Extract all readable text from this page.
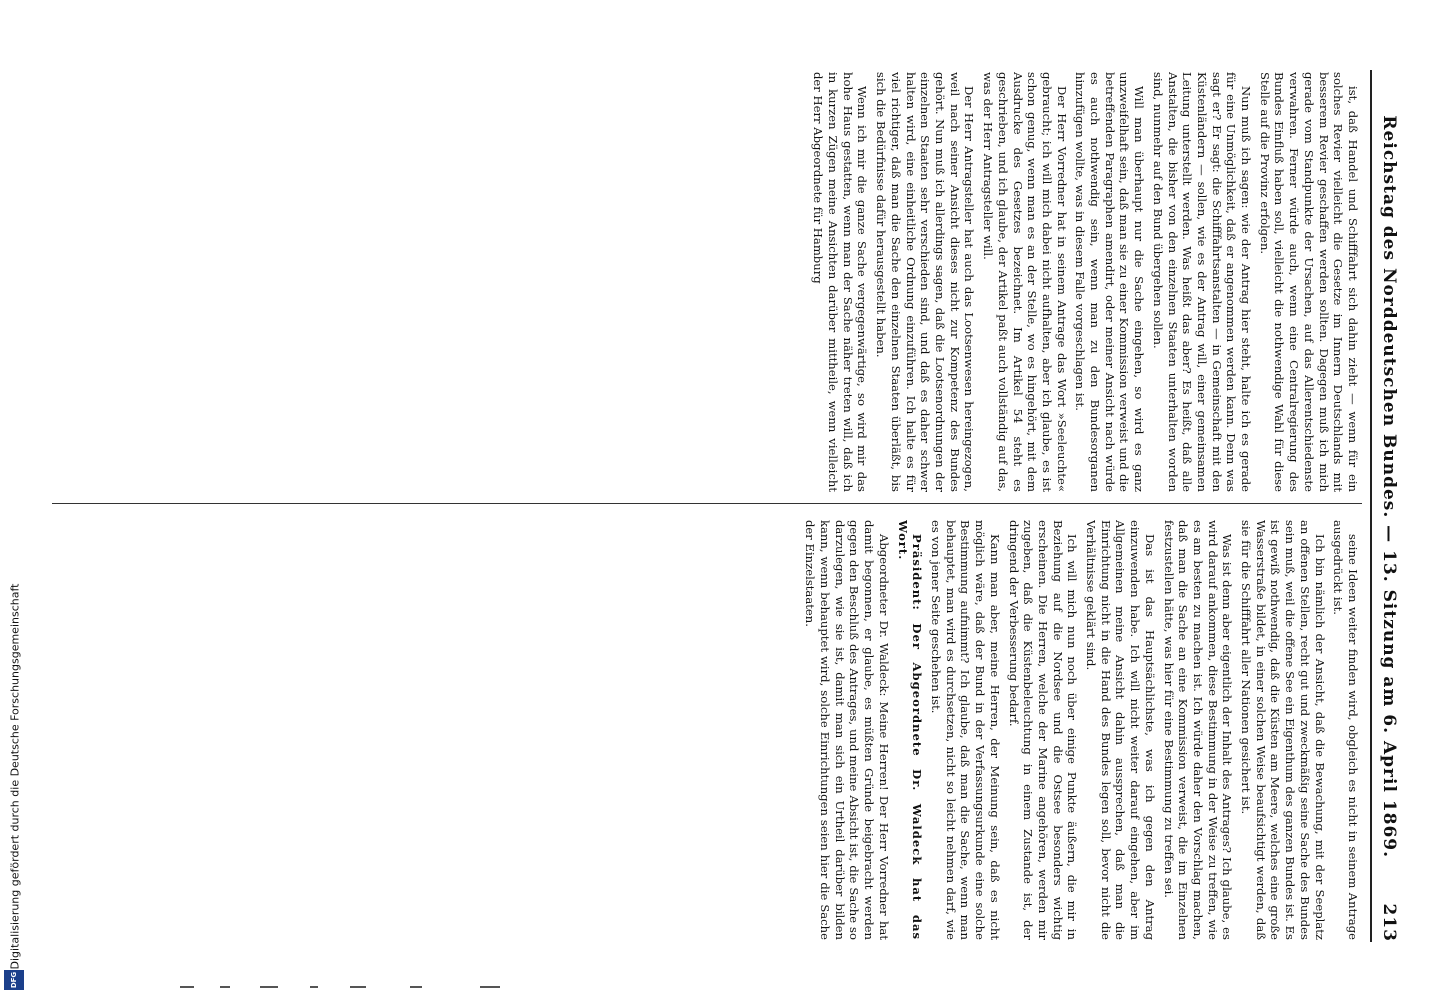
Reichstag des Norddeutschen Bundes. — 13. Sitzung am 6. April 1869.
213

ist, daß Handel und Schifffahrt sich dahin zieht — wenn für ein solches Revier vielleicht die Gesetze im Innern Deutschlands mit besserem Revier geschaffen werden sollten. Dagegen muß ich mich gerade vom Standpunkte der Ursachen, auf das Allerentschiedenste verwahren. Ferner würde auch, wenn eine Centralregierung des Bundes Einfluß haben soll, vielleicht die nothwendige Wahl für diese Stelle auf die Provinz erfolgen.

Nun muß ich sagen: wie der Antrag hier steht, halte ich es gerade für eine Unmöglichkeit, daß er angenommen werden kann. Denn was sagt er? Er sagt: die Schifffahrtsanstalten — in Gemeinschaft mit den Küstenländern — sollen, wie es der Antrag will, einer gemeinsamen Leitung unterstellt werden. Was heißt das aber? Es heißt, daß alle Anstalten, die bisher von den einzelnen Staaten unterhalten worden sind, nunmehr auf den Bund übergehen sollen.

Will man überhaupt nur die Sache eingehen, so wird es ganz unzweifelhaft sein, daß man sie zu einer Kommission verweist und die betreffenden Paragraphen amendirt, oder meiner Ansicht nach würde es auch nothwendig sein, wenn man zu den Bundesorganen hinzufügen wollte, was in diesem Falle vorgeschlagen ist.

Der Herr Vorredner hat in seinem Antrage das Wort »Seeleuchte« gebraucht; ich will mich dabei nicht aufhalten, aber ich glaube, es ist schon genug, wenn man es an der Stelle, wo es hingehört, mit dem Ausdrucke des Gesetzes bezeichnet. Im Artikel 54 steht es geschrieben, und ich glaube, der Artikel paßt auch vollständig auf das, was der Herr Antragsteller will.

Der Herr Antragsteller hat auch das Lootsenwesen hereingezogen, weil nach seiner Ansicht dieses nicht zur Kompetenz des Bundes gehört. Nun muß ich allerdings sagen, daß die Lootsenordnungen der einzelnen Staaten sehr verschieden sind, und daß es daher schwer halten wird, eine einheitliche Ordnung einzuführen. Ich halte es für viel richtiger, daß man die Sache den einzelnen Staaten überläßt, bis sich die Bedürfnisse dafür herausgestellt haben.

Wenn ich mir die ganze Sache vergegenwärtige, so wird mir das hohe Haus gestatten, wenn man der Sache näher treten will, daß ich in kurzen Zügen meine Ansichten darüber mittheile, wenn vielleicht der Herr Abgeordnete für Hamburg

seine Ideen weiter finden wird, obgleich es nicht in seinem Antrage ausgedrückt ist.

Ich bin nämlich der Ansicht, daß die Bewachung, mit der Seeplatz an offenen Stellen, recht gut und zweckmäßig seine Sache des Bundes sein muß, weil die offene See ein Eigenthum des ganzen Bundes ist. Es ist gewiß nothwendig, daß die Küsten am Meere, welches eine große Wasserstraße bildet, in einer solchen Weise beaufsichtigt werden, daß sie für die Schifffahrt aller Nationen gesichert ist.

Was ist denn aber eigentlich der Inhalt des Antrages? Ich glaube, es wird darauf ankommen, diese Bestimmung in der Weise zu treffen, wie es am besten zu machen ist. Ich würde daher den Vorschlag machen, daß man die Sache an eine Kommission verweist, die im Einzelnen festzustellen hätte, was hier für eine Bestimmung zu treffen sei.

Das ist das Hauptsächlichste, was ich gegen den Antrag einzuwenden habe. Ich will nicht weiter darauf eingehen, aber im Allgemeinen meine Ansicht dahin aussprechen, daß man die Einrichtung nicht in die Hand des Bundes legen soll, bevor nicht die Verhältnisse geklärt sind.

Ich will mich nun noch über einige Punkte äußern, die mir in Beziehung auf die Nordsee und die Ostsee besonders wichtig erscheinen. Die Herren, welche der Marine angehören, werden mir zugeben, daß die Küstenbeleuchtung in einem Zustande ist, der dringend der Verbesserung bedarf.

Kann man aber, meine Herren, der Meinung sein, daß es nicht möglich wäre, daß der Bund in der Verfassungsurkunde eine solche Bestimmung aufnimmt? Ich glaube, daß man die Sache, wenn man behauptet, man wird es durchsetzen, nicht so leicht nehmen darf, wie es von jener Seite geschehen ist.

Präsident: Der Abgeordnete Dr. Waldeck hat das Wort.

Abgeordneter Dr. Waldeck: Meine Herren! Der Herr Vorredner hat damit begonnen, er glaube, es müßten Gründe beigebracht werden gegen den Beschluß des Antrages, und meine Absicht ist, die Sache so darzulegen, wie sie ist, damit man sich ein Urtheil darüber bilden kann, wenn behauptet wird, solche Einrichtungen seien hier die Sache der Einzelstaaten.

Digitalisierung gefördert durch die Deutsche Forschungsgemeinschaft
DFG
